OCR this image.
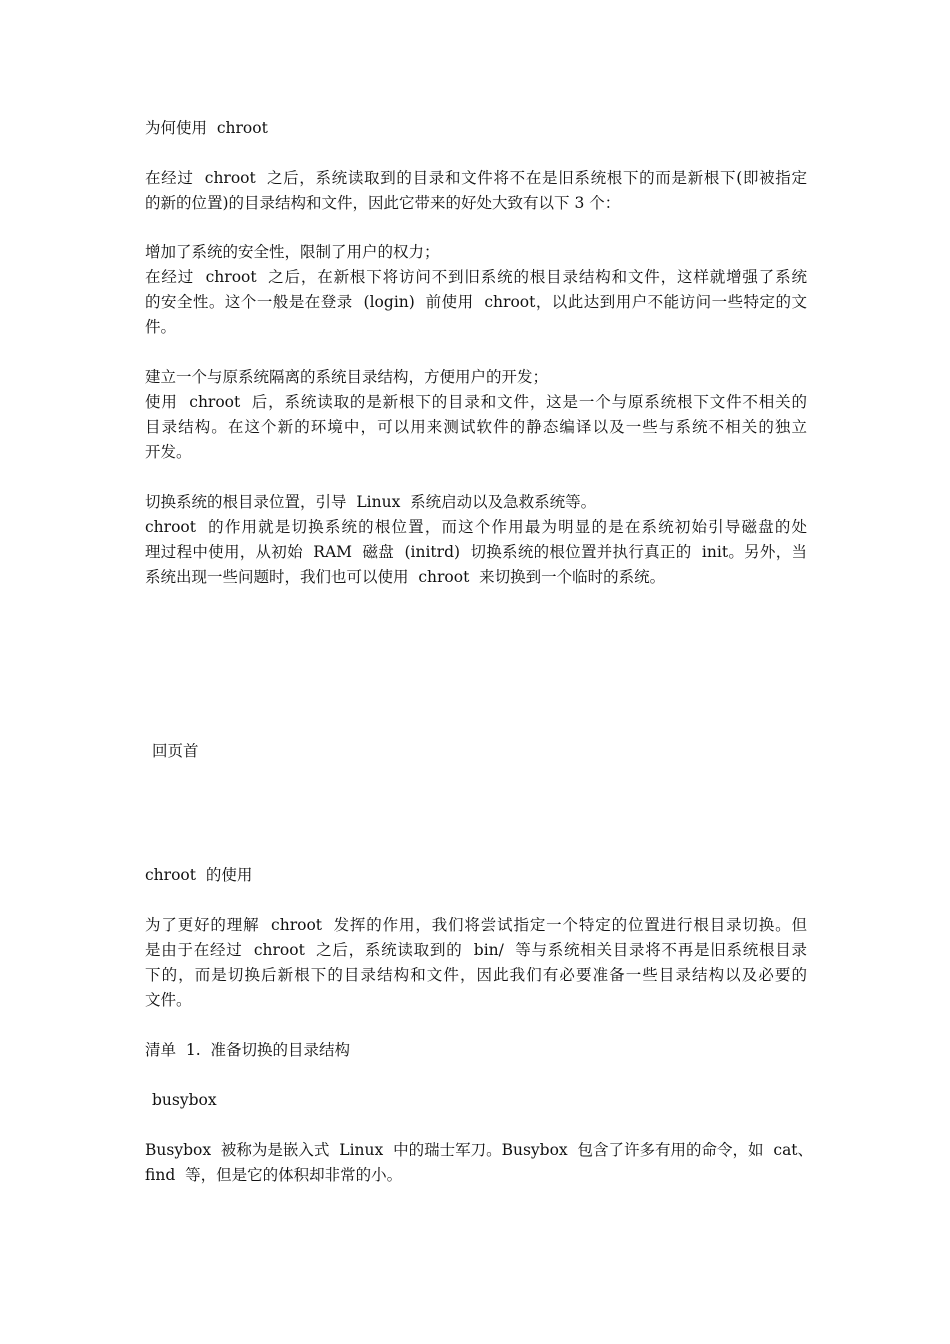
为何使用  chroot

在经过  chroot  之后，系统读取到的目录和文件将不在是旧系统根下的而是新根下(即被指定

的新的位置)的目录结构和文件，因此它带来的好处大致有以下 3 个：

增加了系统的安全性，限制了用户的权力；

在经过  chroot  之后，在新根下将访问不到旧系统的根目录结构和文件，这样就增强了系统

的安全性。这个一般是在登录  (login)  前使用  chroot，以此达到用户不能访问一些特定的文

件。

建立一个与原系统隔离的系统目录结构，方便用户的开发；

使用  chroot  后，系统读取的是新根下的目录和文件，这是一个与原系统根下文件不相关的

目录结构。在这个新的环境中，可以用来测试软件的静态编译以及一些与系统不相关的独立

开发。

切换系统的根目录位置，引导  Linux  系统启动以及急救系统等。

chroot  的作用就是切换系统的根位置，而这个作用最为明显的是在系统初始引导磁盘的处

理过程中使用，从初始  RAM  磁盘  (initrd)  切换系统的根位置并执行真正的  init。另外，当

系统出现一些问题时，我们也可以使用  chroot  来切换到一个临时的系统。

回页首

chroot  的使用

为了更好的理解  chroot  发挥的作用，我们将尝试指定一个特定的位置进行根目录切换。但

是由于在经过  chroot  之后，系统读取到的  bin/  等与系统相关目录将不再是旧系统根目录

下的，而是切换后新根下的目录结构和文件，因此我们有必要准备一些目录结构以及必要的

文件。

清单  1.  准备切换的目录结构

busybox

Busybox  被称为是嵌入式  Linux  中的瑞士军刀。Busybox  包含了许多有用的命令，如  cat、

find  等，但是它的体积却非常的小。
